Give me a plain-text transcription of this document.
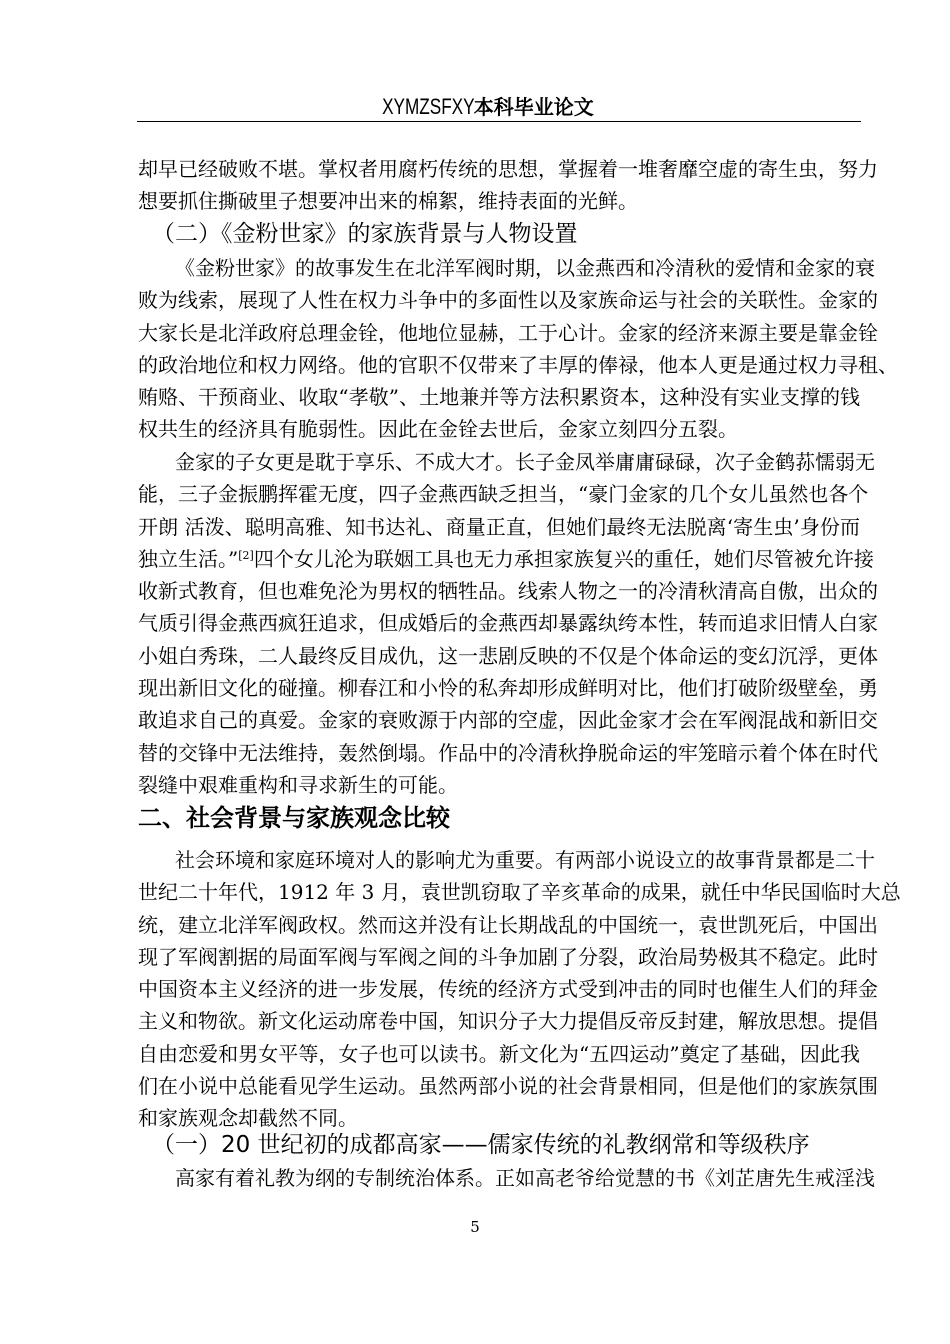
XYMZSFXY 本科毕业论文
却早已经破败不堪。掌权者用腐朽传统的思想，掌握着一堆奢靡空虚的寄生虫，努力
想要抓住撕破里子想要冲出来的棉絮，维持表面的光鲜。
（二）《金粉世家》的家族背景与人物设置
《金粉世家》的故事发生在北洋军阀时期，以金燕西和冷清秋的爱情和金家的衰
败为线索，展现了人性在权力斗争中的多面性以及家族命运与社会的关联性。金家的
大家长是北洋政府总理金铨，他地位显赫，工于心计。金家的经济来源主要是靠金铨
的政治地位和权力网络。他的官职不仅带来了丰厚的俸禄，他本人更是通过权力寻租、
贿赂、干预商业、收取“孝敬”、土地兼并等方法积累资本，这种没有实业支撑的钱
权共生的经济具有脆弱性。因此在金铨去世后，金家立刻四分五裂。
金家的子女更是耽于享乐、不成大才。长子金凤举庸庸碌碌，次子金鹤荪懦弱无
能，三子金振鹏挥霍无度，四子金燕西缺乏担当，“豪门金家的几个女儿虽然也各个
开朗 活泼、聪明高雅、知书达礼、商量正直，但她们最终无法脱离‘寄生虫’身份而
独立生活。”[2]四个女儿沦为联姻工具也无力承担家族复兴的重任，她们尽管被允许接
收新式教育，但也难免沦为男权的牺牲品。线索人物之一的冷清秋清高自傲，出众的
气质引得金燕西疯狂追求，但成婚后的金燕西却暴露纨绔本性，转而追求旧情人白家
小姐白秀珠，二人最终反目成仇，这一悲剧反映的不仅是个体命运的变幻沉浮，更体
现出新旧文化的碰撞。柳春江和小怜的私奔却形成鲜明对比，他们打破阶级壁垒，勇
敢追求自己的真爱。金家的衰败源于内部的空虚，因此金家才会在军阀混战和新旧交
替的交锋中无法维持，轰然倒塌。作品中的冷清秋挣脱命运的牢笼暗示着个体在时代
裂缝中艰难重构和寻求新生的可能。
二、社会背景与家族观念比较
社会环境和家庭环境对人的影响尤为重要。有两部小说设立的故事背景都是二十
世纪二十年代，1912 年 3 月，袁世凯窃取了辛亥革命的成果，就任中华民国临时大总
统，建立北洋军阀政权。然而这并没有让长期战乱的中国统一，袁世凯死后，中国出
现了军阀割据的局面军阀与军阀之间的斗争加剧了分裂，政治局势极其不稳定。此时
中国资本主义经济的进一步发展，传统的经济方式受到冲击的同时也催生人们的拜金
主义和物欲。新文化运动席卷中国，知识分子大力提倡反帝反封建，解放思想。提倡
自由恋爱和男女平等，女子也可以读书。新文化为“五四运动”奠定了基础，因此我
们在小说中总能看见学生运动。虽然两部小说的社会背景相同，但是他们的家族氛围
和家族观念却截然不同。
（一）20 世纪初的成都高家——儒家传统的礼教纲常和等级秩序
高家有着礼教为纲的专制统治体系。正如高老爷给觉慧的书《刘芷唐先生戒淫浅
5
